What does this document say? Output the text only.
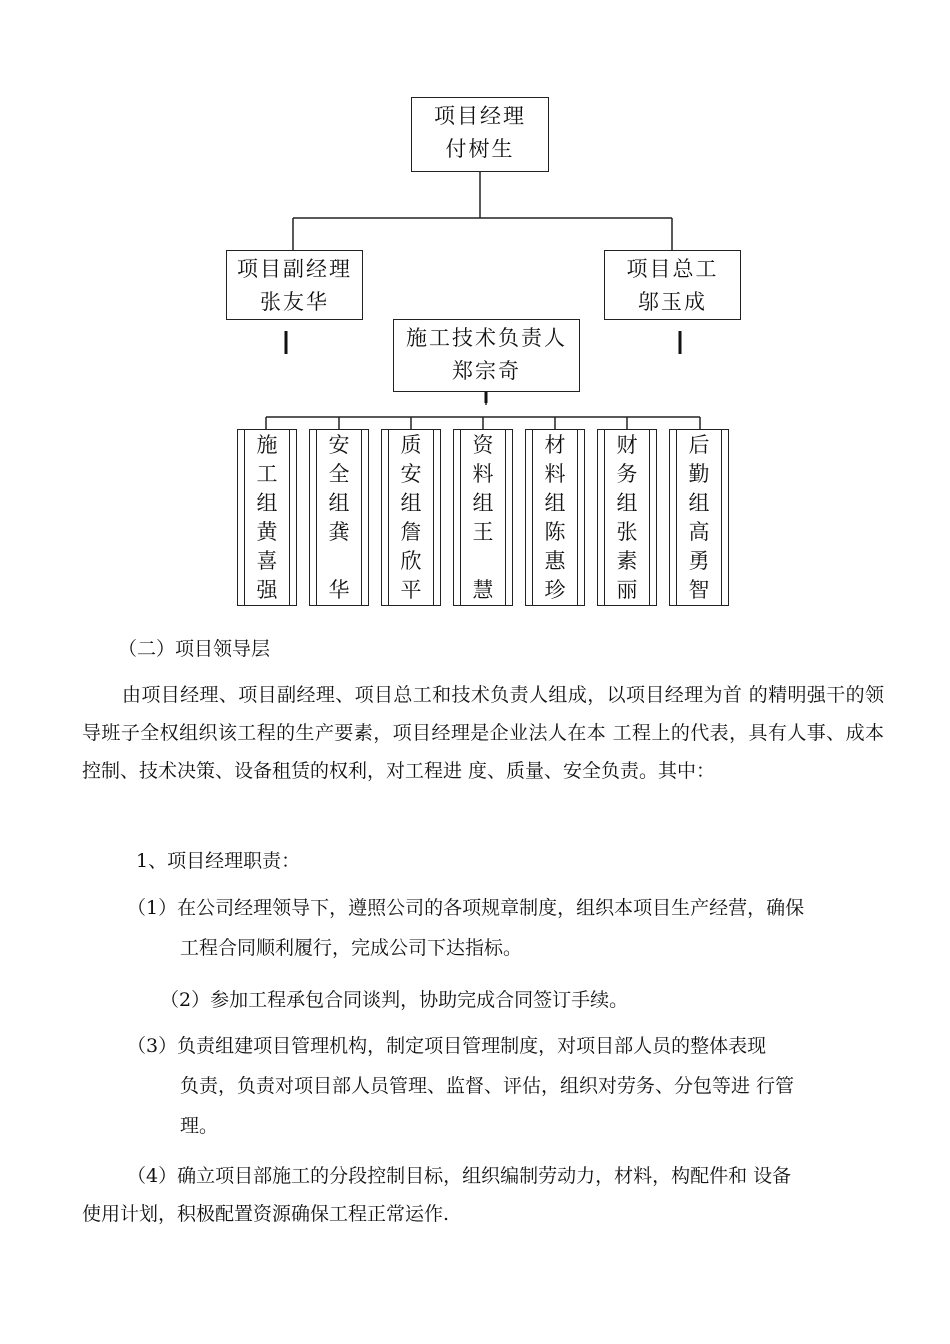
项目经理
付树生
项目副经理
张友华
项目总工
邬玉成
施工技术负责人
郑宗奇
施
工
组
黄
喜
强
安
全
组
龚
华
质
安
组
詹
欣
平
资
料
组
王
慧
材
料
组
陈
惠
珍
财
务
组
张
素
丽
后
勤
组
高
勇
智

（二）项目领导层

由项目经理、项目副经理、项目总工和技术负责人组成，以项目经理为首 的精明强干的领导班子全权组织该工程的生产要素，项目经理是企业法人在本 工程上的代表，具有人事、成本控制、技术决策、设备租赁的权利，对工程进 度、质量、安全负责。其中：

1、项目经理职责：

（1）在公司经理领导下，遵照公司的各项规章制度，组织本项目生产经营，确保

工程合同顺利履行，完成公司下达指标。

（2）参加工程承包合同谈判，协助完成合同签订手续。

（3）负责组建项目管理机构，制定项目管理制度，对项目部人员的整体表现

负责，负责对项目部人员管理、监督、评估，组织对劳务、分包等进 行管

理。

（4）确立项目部施工的分段控制目标，组织编制劳动力，材料，构配件和 设备

使用计划，积极配置资源确保工程正常运作.
